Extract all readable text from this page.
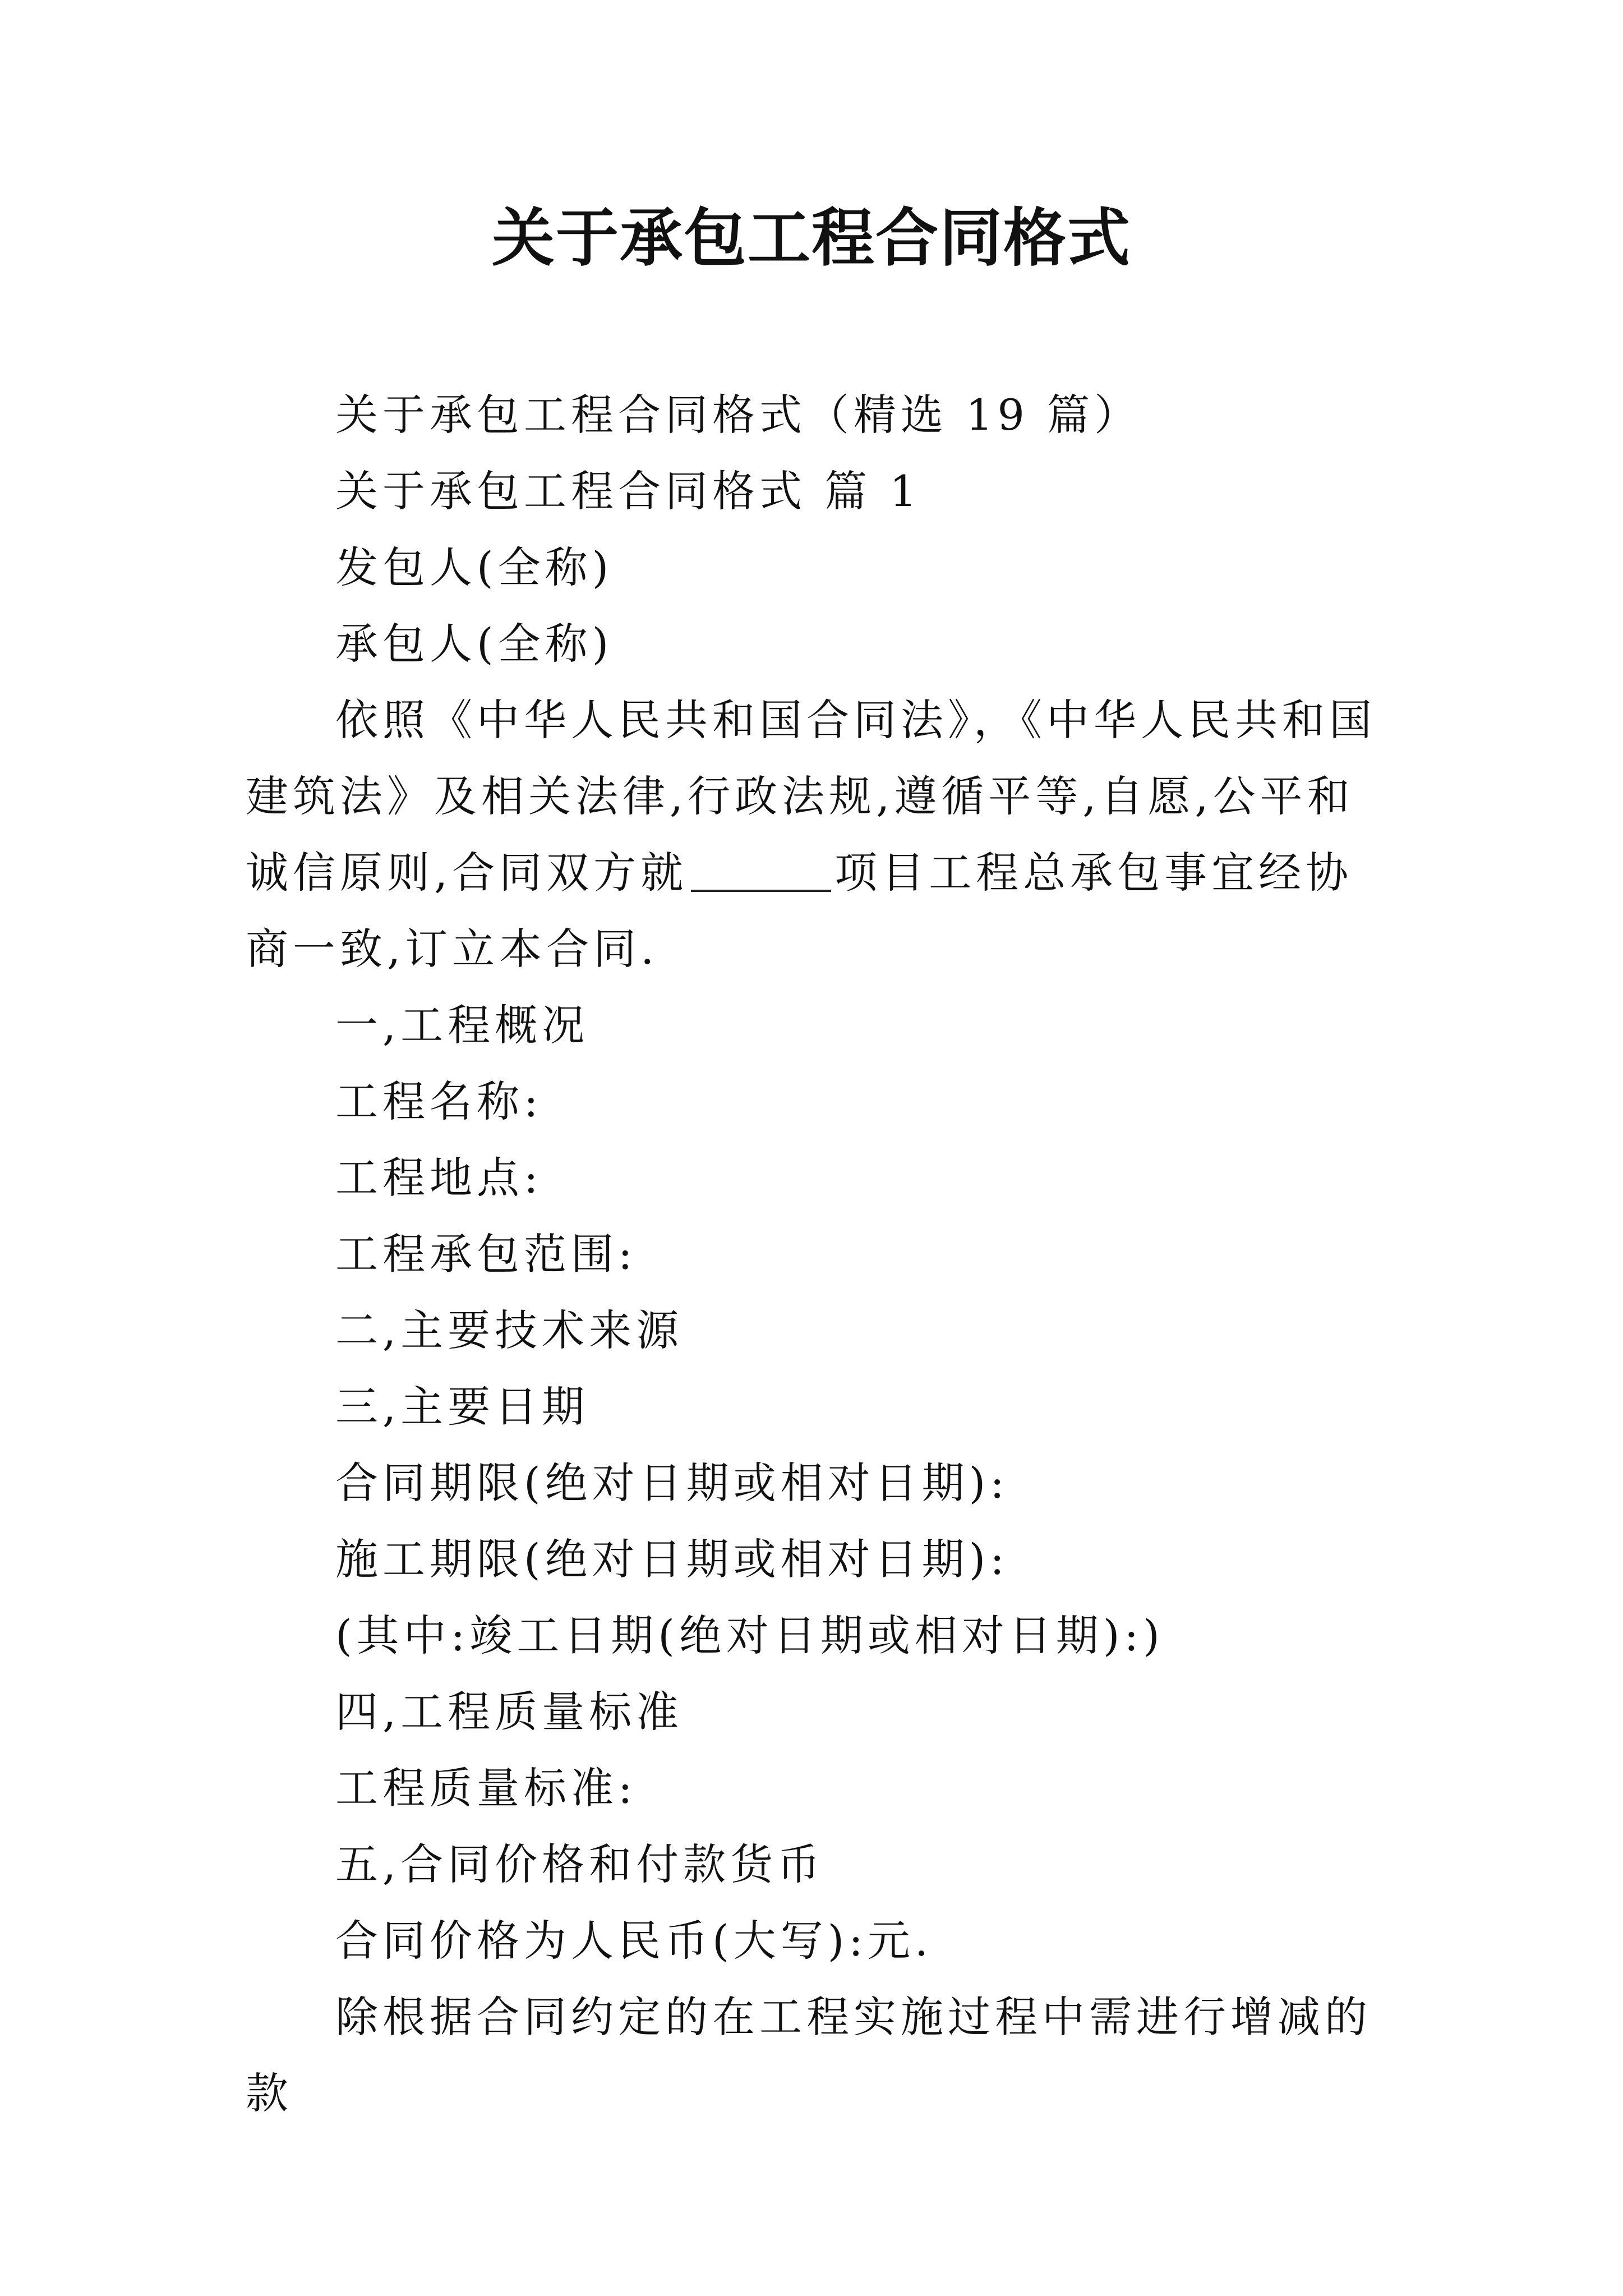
关于承包工程合同格式

关于承包工程合同格式（精选 19 篇）

关于承包工程合同格式 篇 1

发包人(全称)

承包人(全称)

依照《中华人民共和国合同法》，《中华人民共和国建筑法》及相关法律,行政法规,遵循平等,自愿,公平和诚信原则,合同双方就	项目工程总承包事宜经协商一致,订立本合同.

一,工程概况

工程名称:

工程地点:

工程承包范围:

二,主要技术来源

三,主要日期

合同期限(绝对日期或相对日期):

施工期限(绝对日期或相对日期):

(其中:竣工日期(绝对日期或相对日期):)

四,工程质量标准

工程质量标准:

五,合同价格和付款货币

合同价格为人民币(大写):元.

除根据合同约定的在工程实施过程中需进行增减的款
